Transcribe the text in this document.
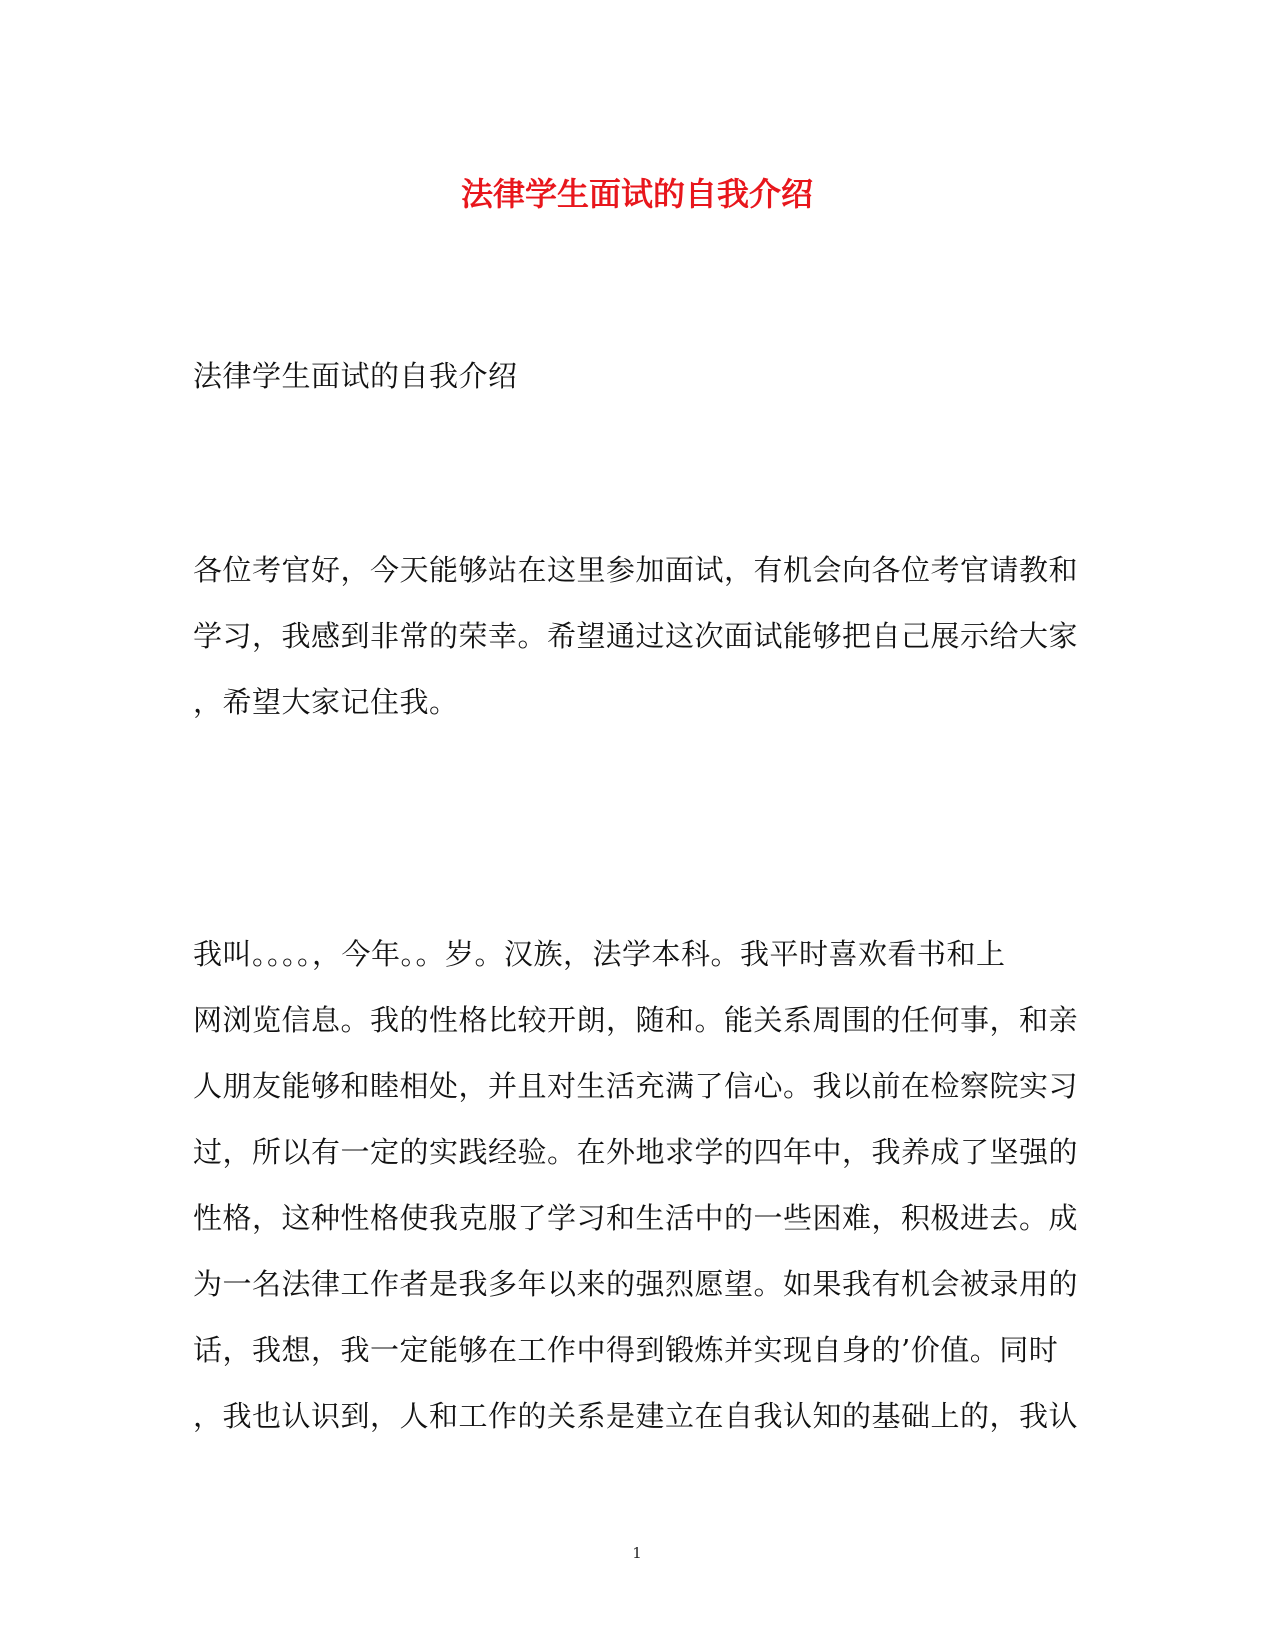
法律学生面试的自我介绍
法律学生面试的自我介绍
各位考官好，今天能够站在这里参加面试，有机会向各位考官请教和
学习，我感到非常的荣幸。希望通过这次面试能够把自己展示给大家
，希望大家记住我。
我叫。。。。，今年。。岁。汉族，法学本科。我平时喜欢看书和上
网浏览信息。我的性格比较开朗，随和。能关系周围的任何事，和亲
人朋友能够和睦相处，并且对生活充满了信心。我以前在检察院实习
过，所以有一定的实践经验。在外地求学的四年中，我养成了坚强的
性格，这种性格使我克服了学习和生活中的一些困难，积极进去。成
为一名法律工作者是我多年以来的强烈愿望。如果我有机会被录用的
话，我想，我一定能够在工作中得到锻炼并实现自身的’价值。同时
，我也认识到，人和工作的关系是建立在自我认知的基础上的，我认
1
